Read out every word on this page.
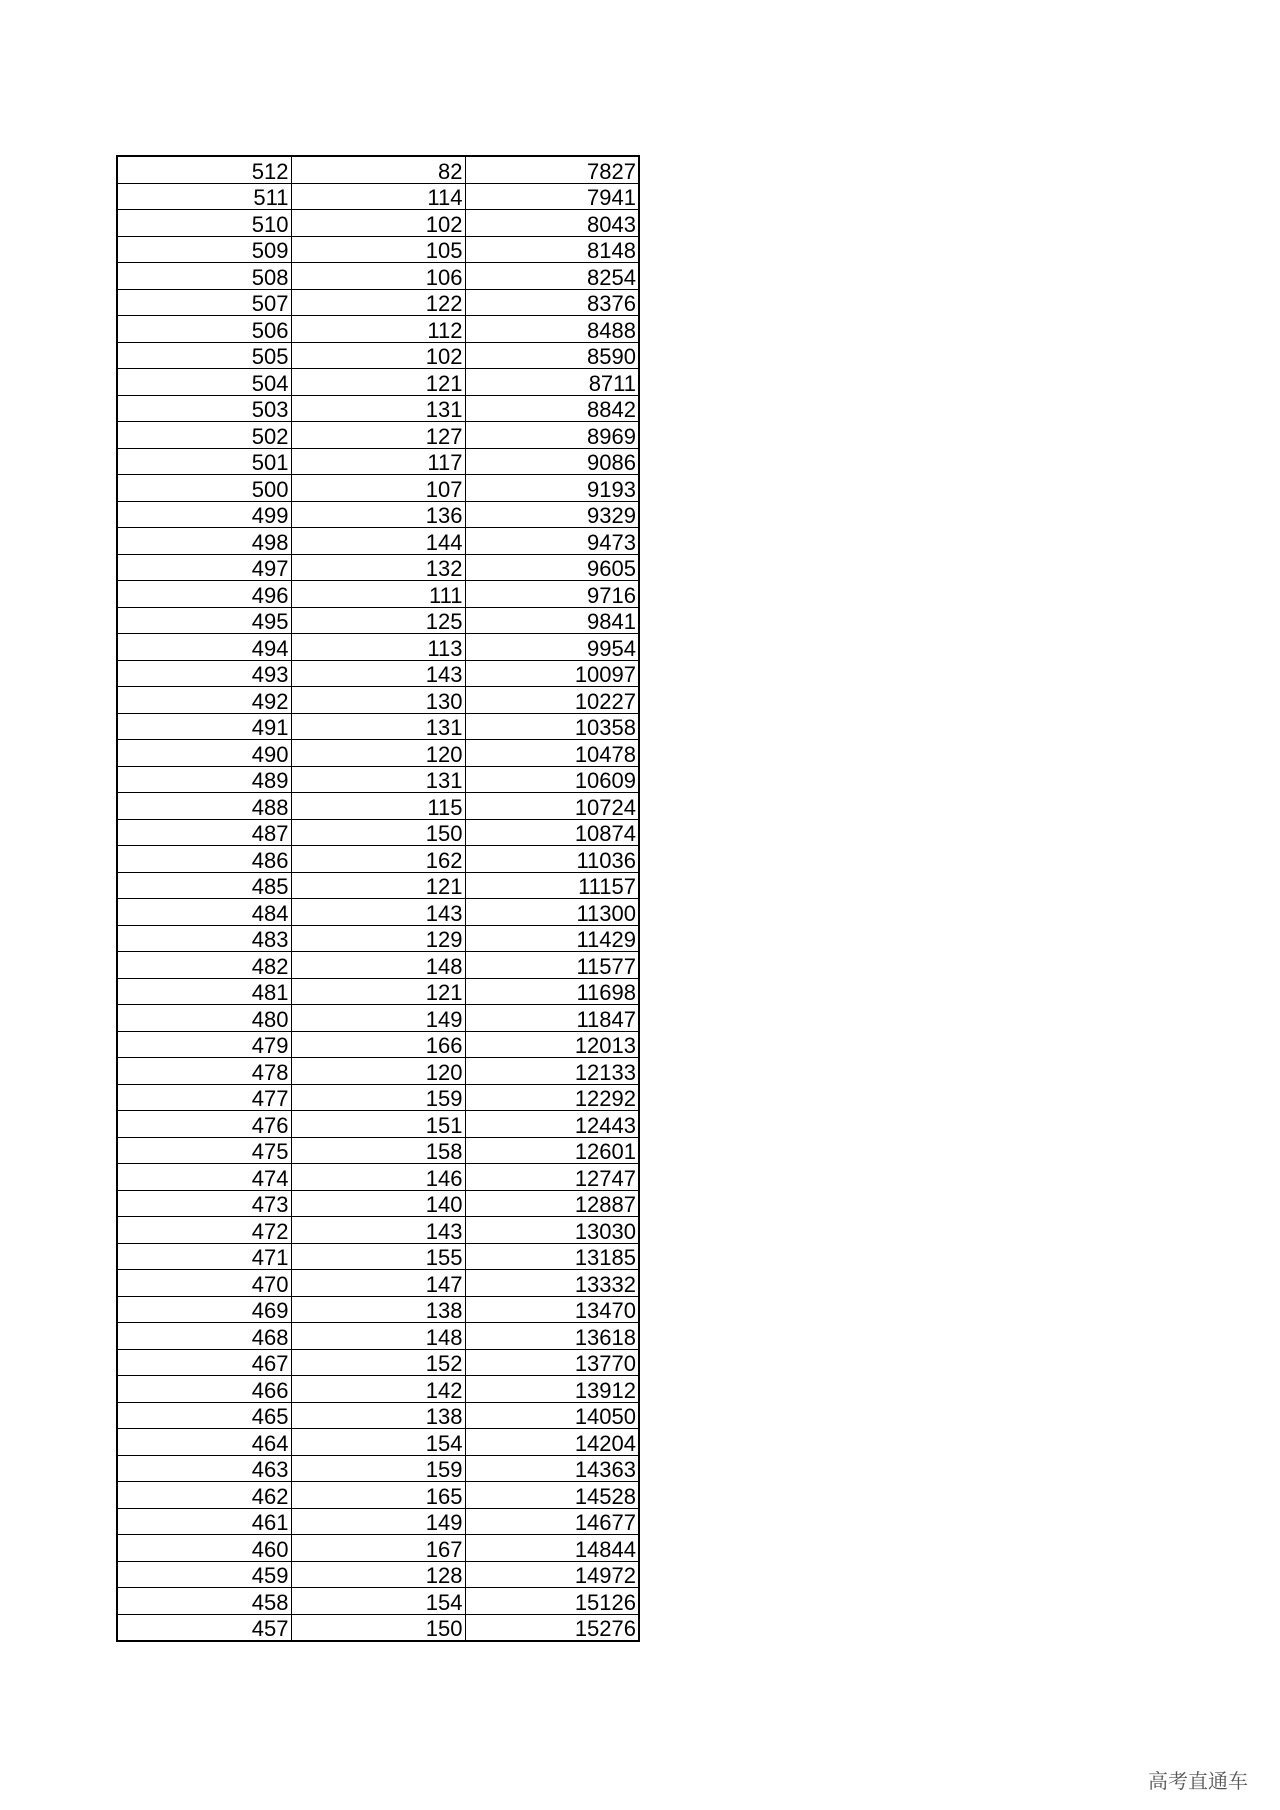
512	82	7827
511	114	7941
510	102	8043
509	105	8148
508	106	8254
507	122	8376
506	112	8488
505	102	8590
504	121	8711
503	131	8842
502	127	8969
501	117	9086
500	107	9193
499	136	9329
498	144	9473
497	132	9605
496	111	9716
495	125	9841
494	113	9954
493	143	10097
492	130	10227
491	131	10358
490	120	10478
489	131	10609
488	115	10724
487	150	10874
486	162	11036
485	121	11157
484	143	11300
483	129	11429
482	148	11577
481	121	11698
480	149	11847
479	166	12013
478	120	12133
477	159	12292
476	151	12443
475	158	12601
474	146	12747
473	140	12887
472	143	13030
471	155	13185
470	147	13332
469	138	13470
468	148	13618
467	152	13770
466	142	13912
465	138	14050
464	154	14204
463	159	14363
462	165	14528
461	149	14677
460	167	14844
459	128	14972
458	154	15126
457	150	15276
高考直通车
